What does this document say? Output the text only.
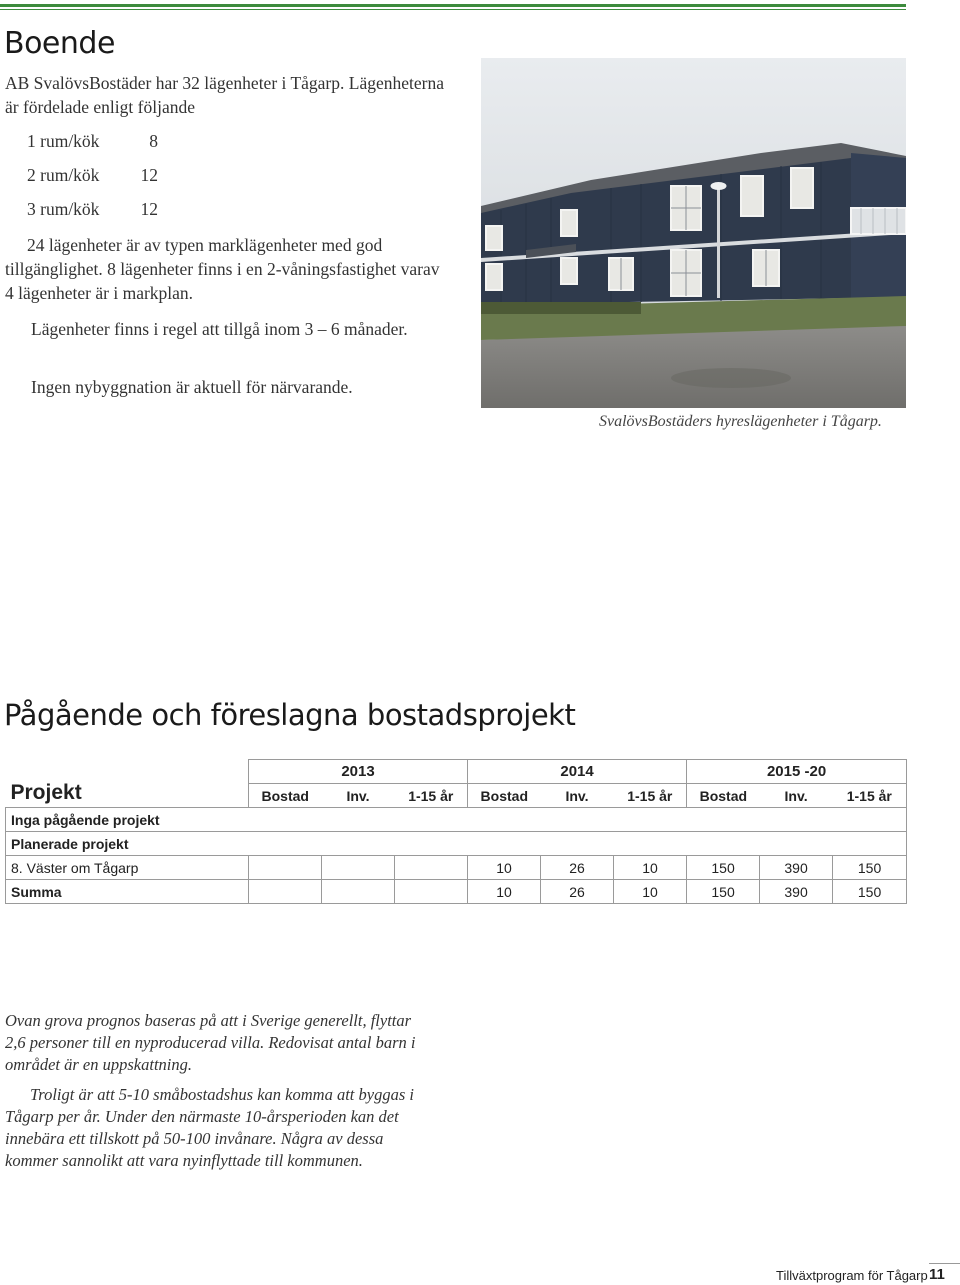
Boende

AB SvalövsBostäder har 32 lägenheter i Tågarp. Lägenheterna är fördelade enligt följande

1 rum/kök	8
2 rum/kök 12
3 rum/kök 12

24 lägenheter är av typen marklägenheter med god tillgänglighet. 8 lägenheter finns i en 2-våningsfastighet varav 4 lägenheter är i markplan.

Lägenheter finns i regel att tillgå inom 3 – 6 månader.

Ingen nybyggnation är aktuell för närvarande.

SvalövsBostäders hyreslägenheter i Tågarp.
Pågående och föreslagna bostadsprojekt
Projekt	2013			2014			2015 -20		
	Bostad	Inv.	1-15 år	Bostad	Inv.	1-15 år	Bostad	Inv.	1-15 år
Inga pågående projekt									
Planerade projekt									
8. Väster om Tågarp				10	26	10	150	390	150
Summa				10	26	10	150	390	150

Ovan grova prognos baseras på att i Sverige generellt, flyttar 2,6 personer till en nyproducerad villa. Redovisat antal barn i området är en uppskattning.

Troligt är att 5-10 småbostadshus kan komma att byggas i Tågarp per år. Under den närmaste 10-årsperioden kan det innebära ett tillskott på 50-100 invånare. Några av dessa kommer sannolikt att vara nyinflyttade till kommunen.

Tillväxtprogram för Tågarp 11
